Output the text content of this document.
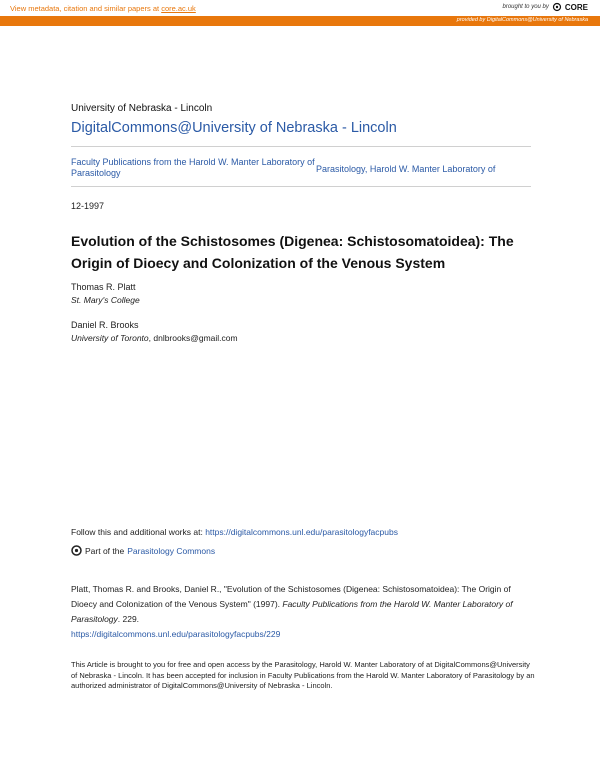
View metadata, citation and similar papers at core.ac.uk	brought to you by CORE
provided by DigitalCommons@University of Nebraska
University of Nebraska - Lincoln
DigitalCommons@University of Nebraska - Lincoln
Faculty Publications from the Harold W. Manter Laboratory of Parasitology	Parasitology, Harold W. Manter Laboratory of
12-1997
Evolution of the Schistosomes (Digenea: Schistosomatoidea): The Origin of Dioecy and Colonization of the Venous System
Thomas R. Platt
St. Mary's College
Daniel R. Brooks
University of Toronto, dnlbrooks@gmail.com
Follow this and additional works at: https://digitalcommons.unl.edu/parasitologyfacpubs
Part of the Parasitology Commons
Platt, Thomas R. and Brooks, Daniel R., "Evolution of the Schistosomes (Digenea: Schistosomatoidea): The Origin of Dioecy and Colonization of the Venous System" (1997). Faculty Publications from the Harold W. Manter Laboratory of Parasitology. 229.
https://digitalcommons.unl.edu/parasitologyfacpubs/229
This Article is brought to you for free and open access by the Parasitology, Harold W. Manter Laboratory of at DigitalCommons@University of Nebraska - Lincoln. It has been accepted for inclusion in Faculty Publications from the Harold W. Manter Laboratory of Parasitology by an authorized administrator of DigitalCommons@University of Nebraska - Lincoln.
